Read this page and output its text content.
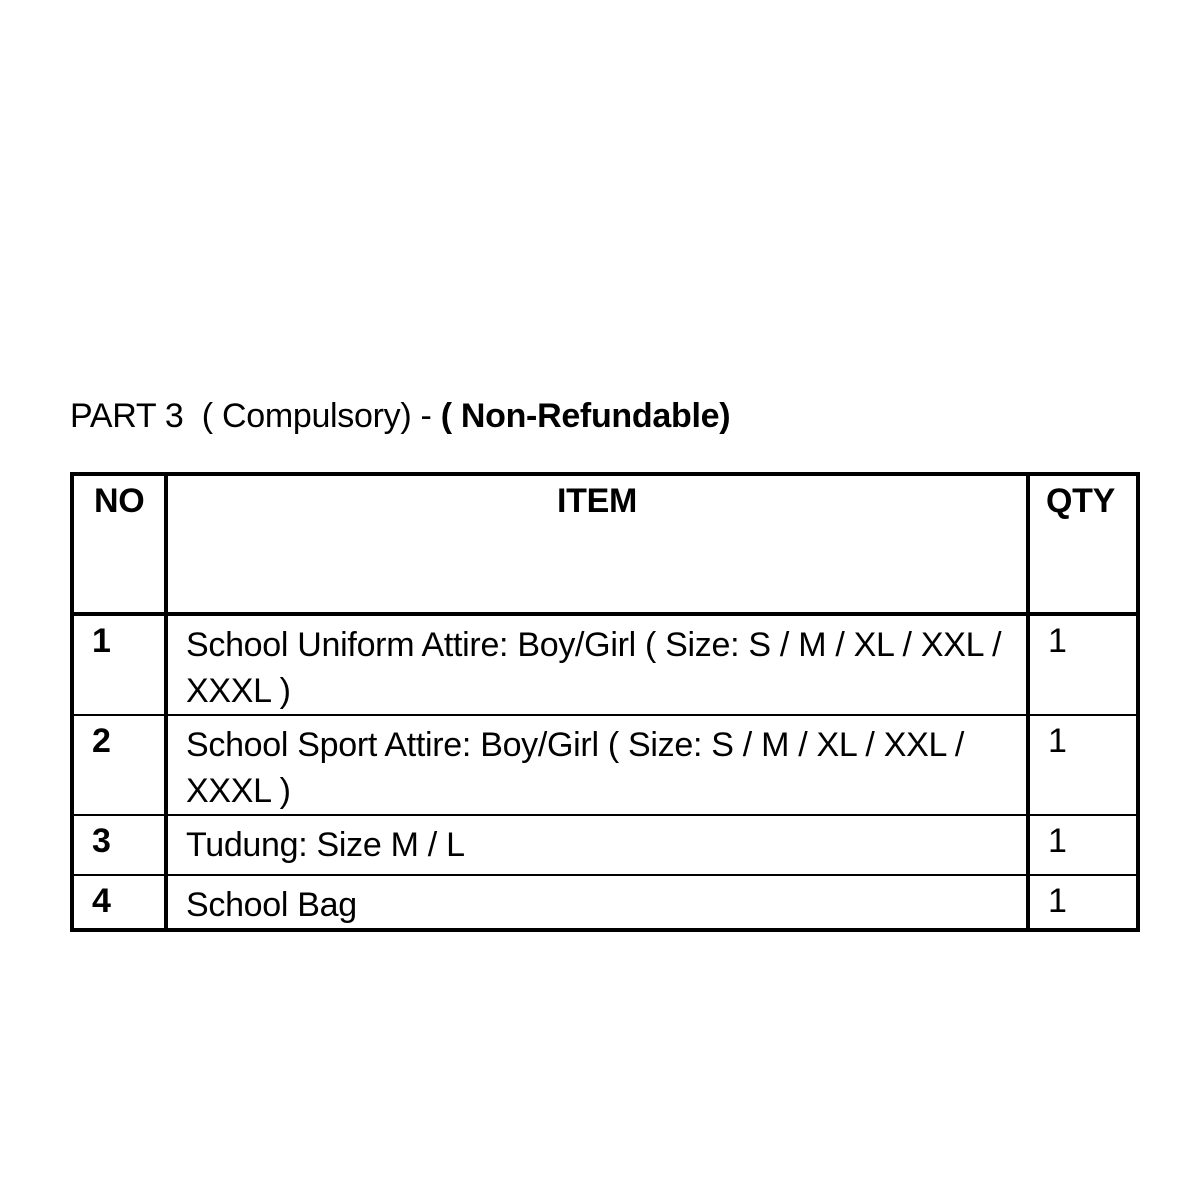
PART 3 ( Compulsory) - ( Non-Refundable)
NO	ITEM	QTY
1	School Uniform Attire: Boy/Girl ( Size: S / M / XL / XXL / XXXL )	1
2	School Sport Attire: Boy/Girl ( Size: S / M / XL / XXL / XXXL )	1
3	Tudung: Size M / L	1
4	School Bag	1
